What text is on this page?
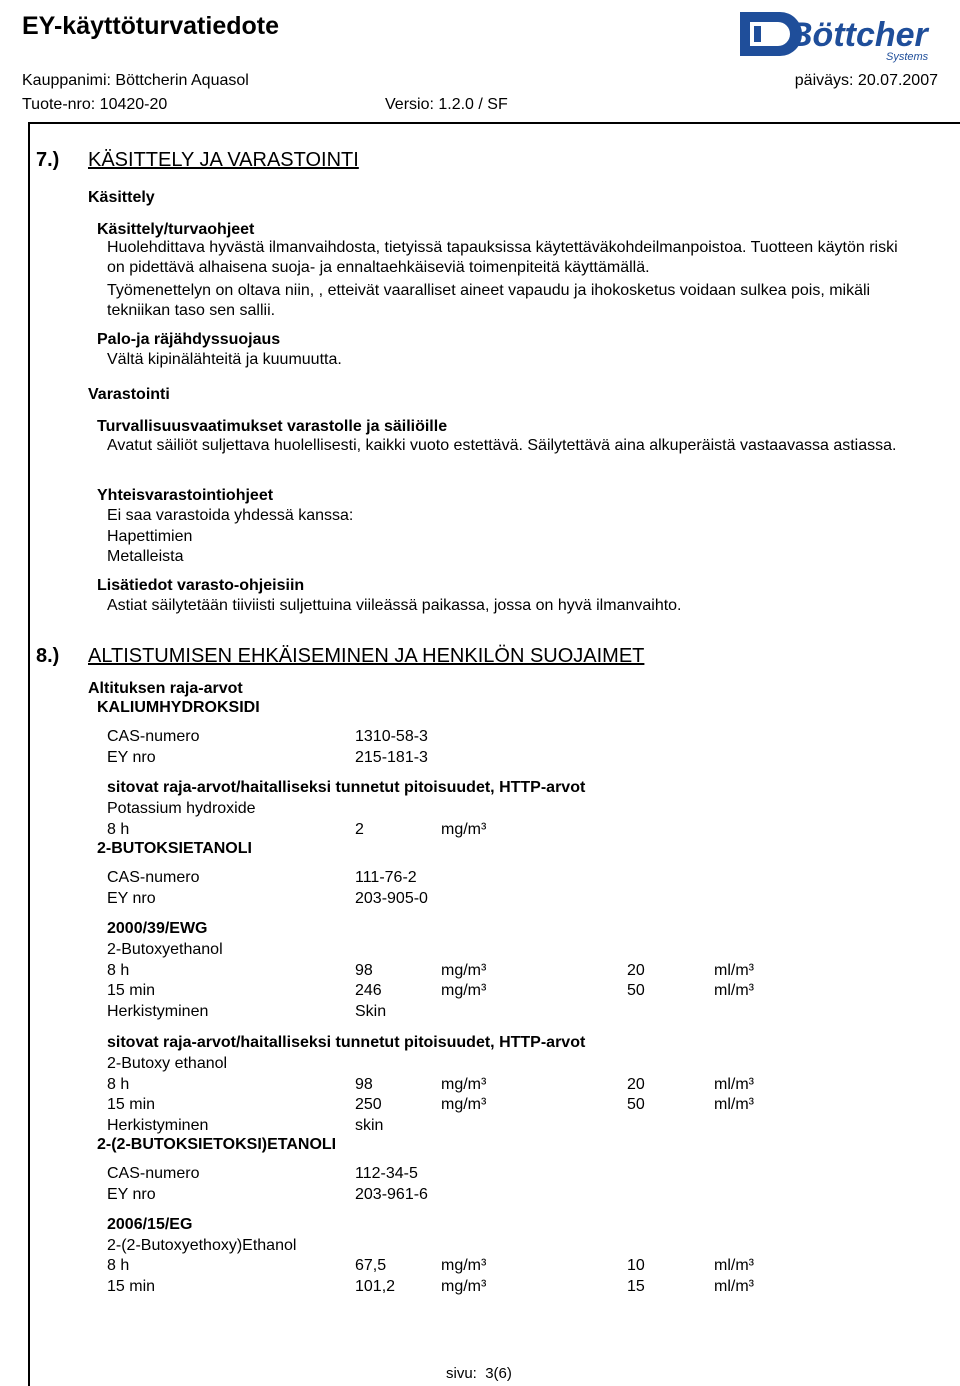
EY-käyttöturvatiedote	Böttcher
Systems
Kauppanimi: Böttcherin Aquasol	päiväys: 20.07.2007
Tuote-nro: 10420-20	Versio: 1.2.0 / SF
7.) KÄSITTELY JA VARASTOINTI
Käsittely
Käsittely/turvaohjeet
Huolehdittava hyvästä ilmanvaihdosta, tietyissä tapauksissa käytettäväkohdeilmanpoistoa. Tuotteen käytön riski on pidettävä alhaisena suoja- ja ennaltaehkäiseviä toimenpiteitä käyttämällä.
Työmenettelyn on oltava niin, , etteivät vaaralliset aineet vapaudu ja ihokosketus voidaan sulkea pois, mikäli tekniikan taso sen sallii.
Palo-ja räjähdyssuojaus
Vältä kipinälähteitä ja kuumuutta.
Varastointi
Turvallisuusvaatimukset varastolle ja säiliöille
Avatut säiliöt suljettava huolellisesti, kaikki vuoto estettävä. Säilytettävä aina alkuperäistä vastaavassa astiassa.
Yhteisvarastointiohjeet
Ei saa varastoida yhdessä kanssa:
Hapettimien
Metalleista
Lisätiedot varasto-ohjeisiin
Astiat säilytetään tiiviisti suljettuina viileässä paikassa, jossa on hyvä ilmanvaihto.
8.) ALTISTUMISEN EHKÄISEMINEN JA HENKILÖN SUOJAIMET
Altituksen raja-arvot
KALIUMHYDROKSIDI
CAS-numero	1310-58-3
EY nro	215-181-3
sitovat raja-arvot/haitalliseksi tunnetut pitoisuudet, HTTP-arvot
Potassium hydroxide
8 h	2	mg/m³
2-BUTOKSIETANOLI
CAS-numero	111-76-2
EY nro	203-905-0
2000/39/EWG
2-Butoxyethanol
8 h	98	mg/m³	20	ml/m³
15 min	246	mg/m³	50	ml/m³
Herkistyminen	Skin
sitovat raja-arvot/haitalliseksi tunnetut pitoisuudet, HTTP-arvot
2-Butoxy ethanol
8 h	98	mg/m³	20	ml/m³
15 min	250	mg/m³	50	ml/m³
Herkistyminen	skin
2-(2-BUTOKSIETOKSI)ETANOLI
CAS-numero	112-34-5
EY nro	203-961-6
2006/15/EG
2-(2-Butoxyethoxy)Ethanol
8 h	67,5	mg/m³	10	ml/m³
15 min	101,2	mg/m³	15	ml/m³
sivu: 3(6)
